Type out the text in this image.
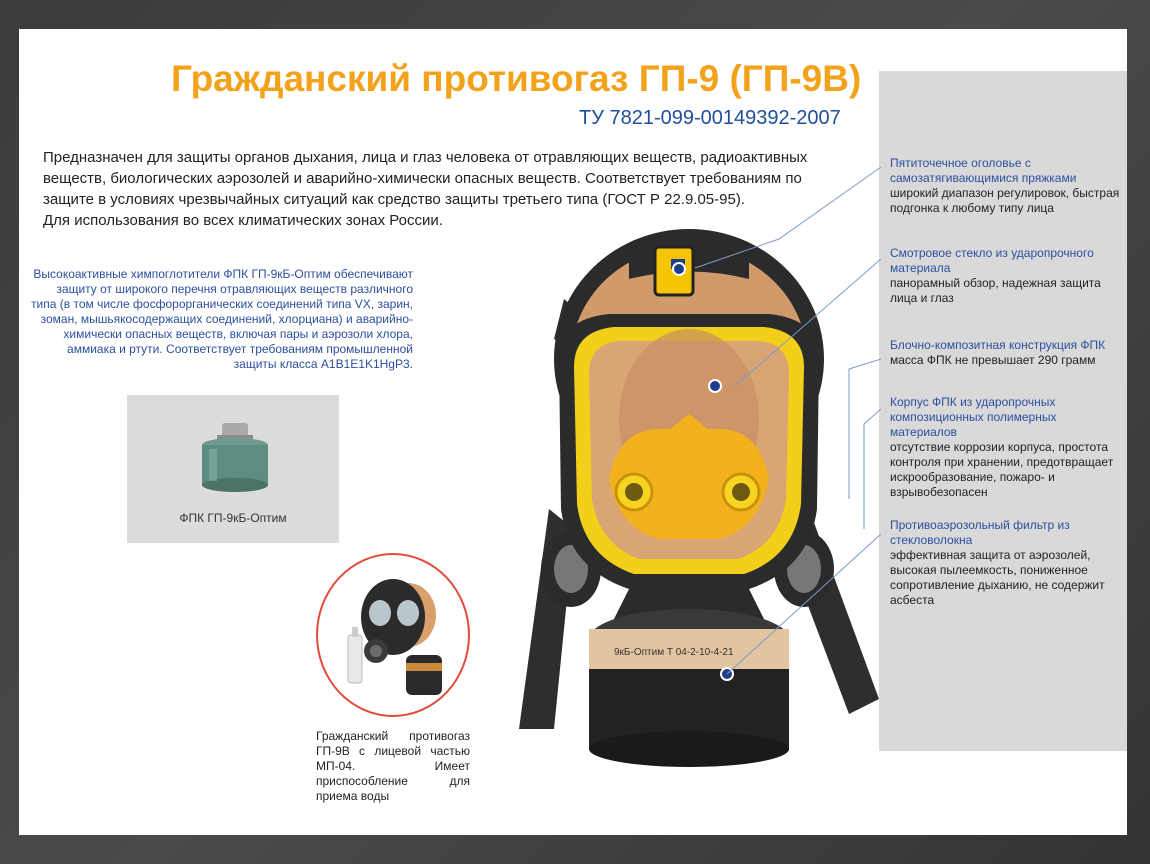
Гражданский противогаз ГП-9 (ГП-9В)
ТУ 7821-099-00149392-2007

Предназначен для защиты органов дыхания, лица и глаз человека от отравляющих веществ, радиоактивных веществ, биологических аэрозолей и аварийно-химически опасных веществ. Соответствует требованиям по защите в условиях чрезвычайных ситуаций как средство защиты третьего типа (ГОСТ Р 22.9.05-95).

Для использования во всех климатических зонах России.

Высокоактивные химпоглотители ФПК ГП-9кБ-Оптим обеспечивают защиту от широкого перечня отравляющих веществ различного типа (в том числе фосфорорганических соединений типа VX, зарин, зоман, мышьякосодержащих соединений, хлорциана) и аварийно-химически опасных веществ, включая пары и аэрозоли хлора, аммиака и ртути. Соответствует требованиям промышленной защиты класса A1B1E1K1HgP3.
ФПК ГП-9кБ-Оптим
Гражданский противогаз ГП-9В с лицевой частью МП-04. Имеет приспособление для приема воды
9кБ-Оптим Т 04-2-10-4-21
Пятиточечное оголовье с самозатягивающимися пряжками
широкий диапазон регулировок, быстрая подгонка к любому типу лица
Смотровое стекло из ударопрочного материала
панорамный обзор, надежная защита лица и глаз
Блочно-композитная конструкция ФПК
масса ФПК не превышает 290 грамм
Корпус ФПК из ударопрочных композиционных полимерных материалов
отсутствие коррозии корпуса, простота контроля при хранении, предотвращает искрообразование, пожаро- и взрывобезопасен
Противоаэрозольный фильтр из стекловолокна
эффективная защита от аэрозолей, высокая пылеемкость, пониженное сопротивление дыханию, не содержит асбеста
